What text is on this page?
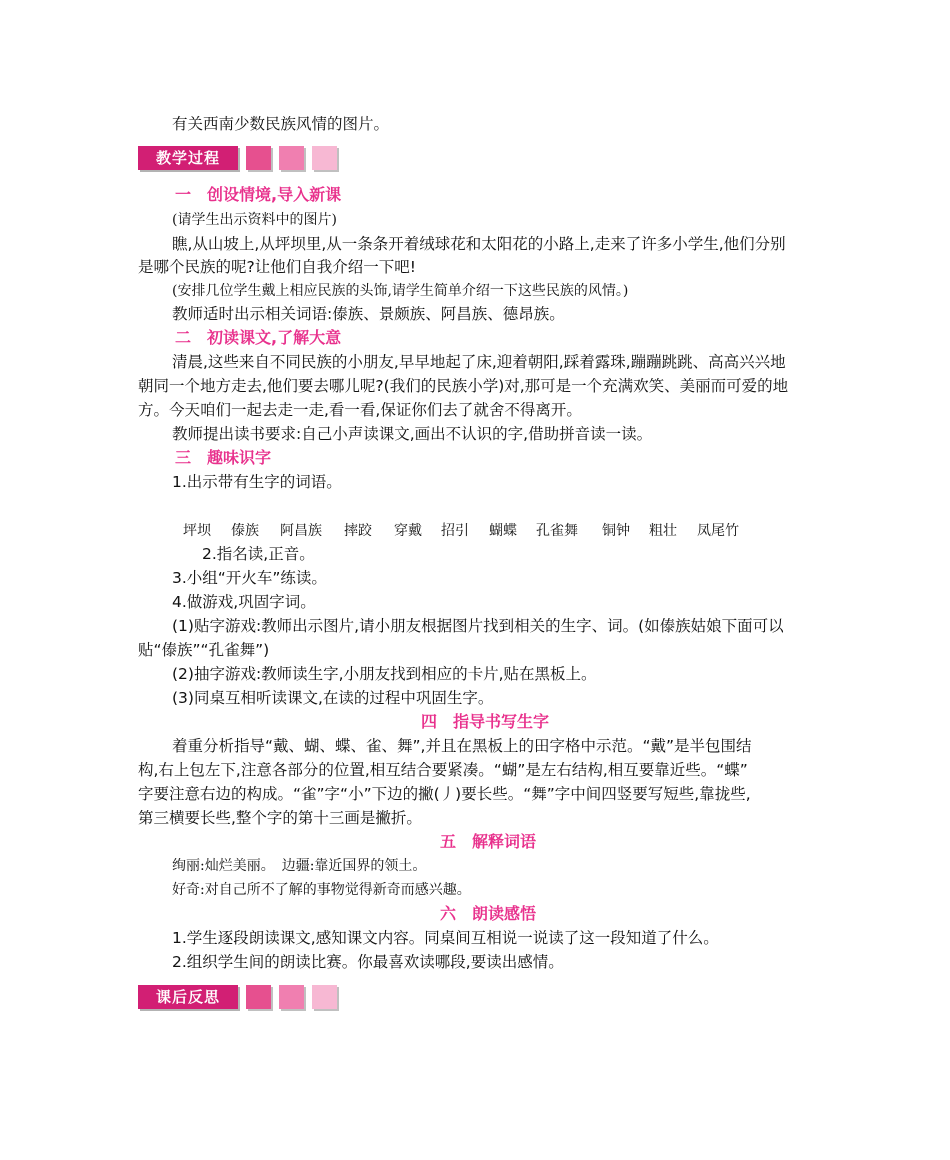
有关西南少数民族风情的图片。
教学过程
一　创设情境,导入新课
(请学生出示资料中的图片)
瞧,从山坡上,从坪坝里,从一条条开着绒球花和太阳花的小路上,走来了许多小学生,他们分别
是哪个民族的呢?让他们自我介绍一下吧!
(安排几位学生戴上相应民族的头饰,请学生简单介绍一下这些民族的风情。)
教师适时出示相关词语:傣族、景颇族、阿昌族、德昂族。
二　初读课文,了解大意
清晨,这些来自不同民族的小朋友,早早地起了床,迎着朝阳,踩着露珠,蹦蹦跳跳、高高兴兴地
朝同一个地方走去,他们要去哪儿呢?(我们的民族小学)对,那可是一个充满欢笑、美丽而可爱的地
方。今天咱们一起去走一走,看一看,保证你们去了就舍不得离开。
教师提出读书要求:自己小声读课文,画出不认识的字,借助拼音读一读。
三　趣味识字
1.出示带有生字的词语。
坪坝 傣族 阿昌族 摔跤 穿戴 招引 蝴蝶 孔雀舞 铜钟 粗壮 凤尾竹
2.指名读,正音。
3.小组“开火车”练读。
4.做游戏,巩固字词。
(1)贴字游戏:教师出示图片,请小朋友根据图片找到相关的生字、词。(如傣族姑娘下面可以
贴“傣族”“孔雀舞”)
(2)抽字游戏:教师读生字,小朋友找到相应的卡片,贴在黑板上。
(3)同桌互相听读课文,在读的过程中巩固生字。
四　指导书写生字
着重分析指导“戴、蝴、蝶、雀、舞”,并且在黑板上的田字格中示范。“戴”是半包围结
构,右上包左下,注意各部分的位置,相互结合要紧凑。“蝴”是左右结构,相互要靠近些。“蝶”
字要注意右边的构成。“雀”字“小”下边的撇(丿)要长些。“舞”字中间四竖要写短些,靠拢些,
第三横要长些,整个字的第十三画是撇折。
五　解释词语
绚丽:灿烂美丽。　边疆:靠近国界的领土。
好奇:对自己所不了解的事物觉得新奇而感兴趣。
六　朗读感悟
1.学生逐段朗读课文,感知课文内容。同桌间互相说一说读了这一段知道了什么。
2.组织学生间的朗读比赛。你最喜欢读哪段,要读出感情。
课后反思
